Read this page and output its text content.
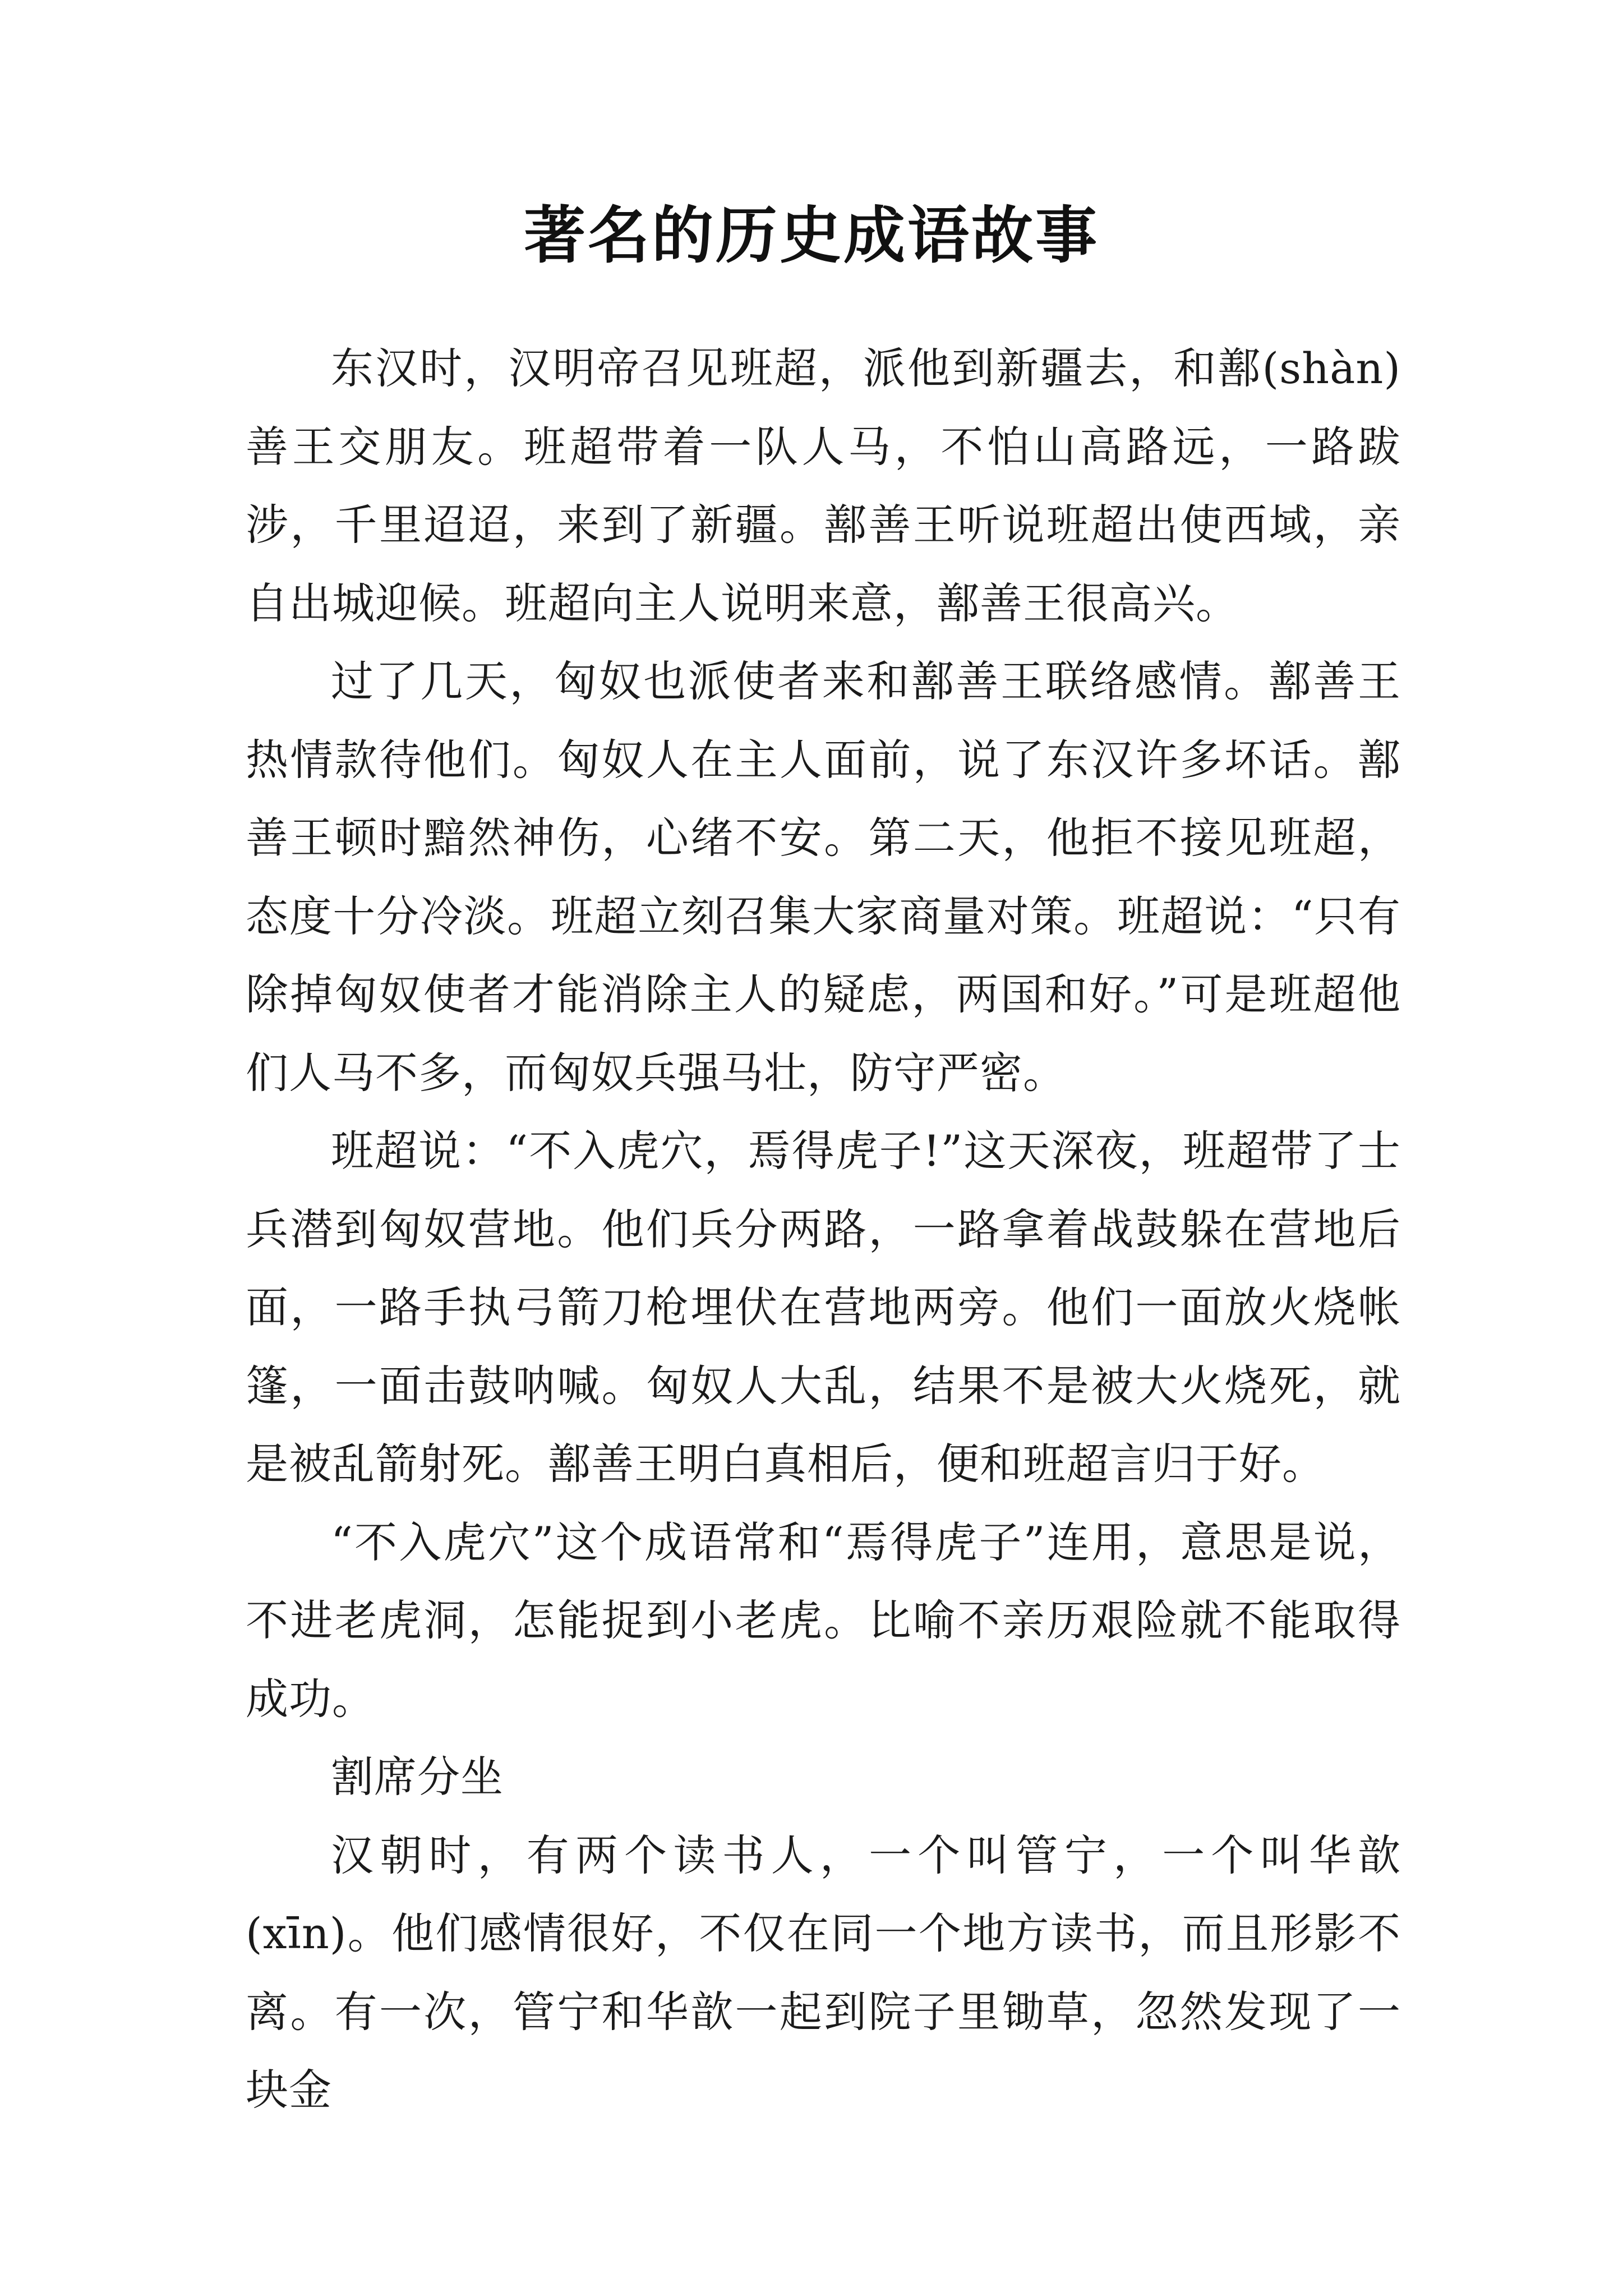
著名的历史成语故事

东汉时，汉明帝召见班超，派他到新疆去，和鄯(shàn)善王交朋友。班超带着一队人马，不怕山高路远，一路跋涉，千里迢迢，来到了新疆。鄯善王听说班超出使西域，亲自出城迎候。班超向主人说明来意，鄯善王很高兴。

过了几天，匈奴也派使者来和鄯善王联络感情。鄯善王热情款待他们。匈奴人在主人面前，说了东汉许多坏话。鄯善王顿时黯然神伤，心绪不安。第二天，他拒不接见班超，态度十分冷淡。班超立刻召集大家商量对策。班超说：“只有除掉匈奴使者才能消除主人的疑虑，两国和好。”可是班超他们人马不多，而匈奴兵强马壮，防守严密。

班超说：“不入虎穴，焉得虎子!”这天深夜，班超带了士兵潜到匈奴营地。他们兵分两路，一路拿着战鼓躲在营地后面，一路手执弓箭刀枪埋伏在营地两旁。他们一面放火烧帐篷，一面击鼓呐喊。匈奴人大乱，结果不是被大火烧死，就是被乱箭射死。鄯善王明白真相后，便和班超言归于好。

“不入虎穴”这个成语常和“焉得虎子”连用，意思是说，不进老虎洞，怎能捉到小老虎。比喻不亲历艰险就不能取得成功。

割席分坐

汉朝时，有两个读书人，一个叫管宁，一个叫华歆(xīn)。他们感情很好，不仅在同一个地方读书，而且形影不离。有一次，管宁和华歆一起到院子里锄草，忽然发现了一块金
